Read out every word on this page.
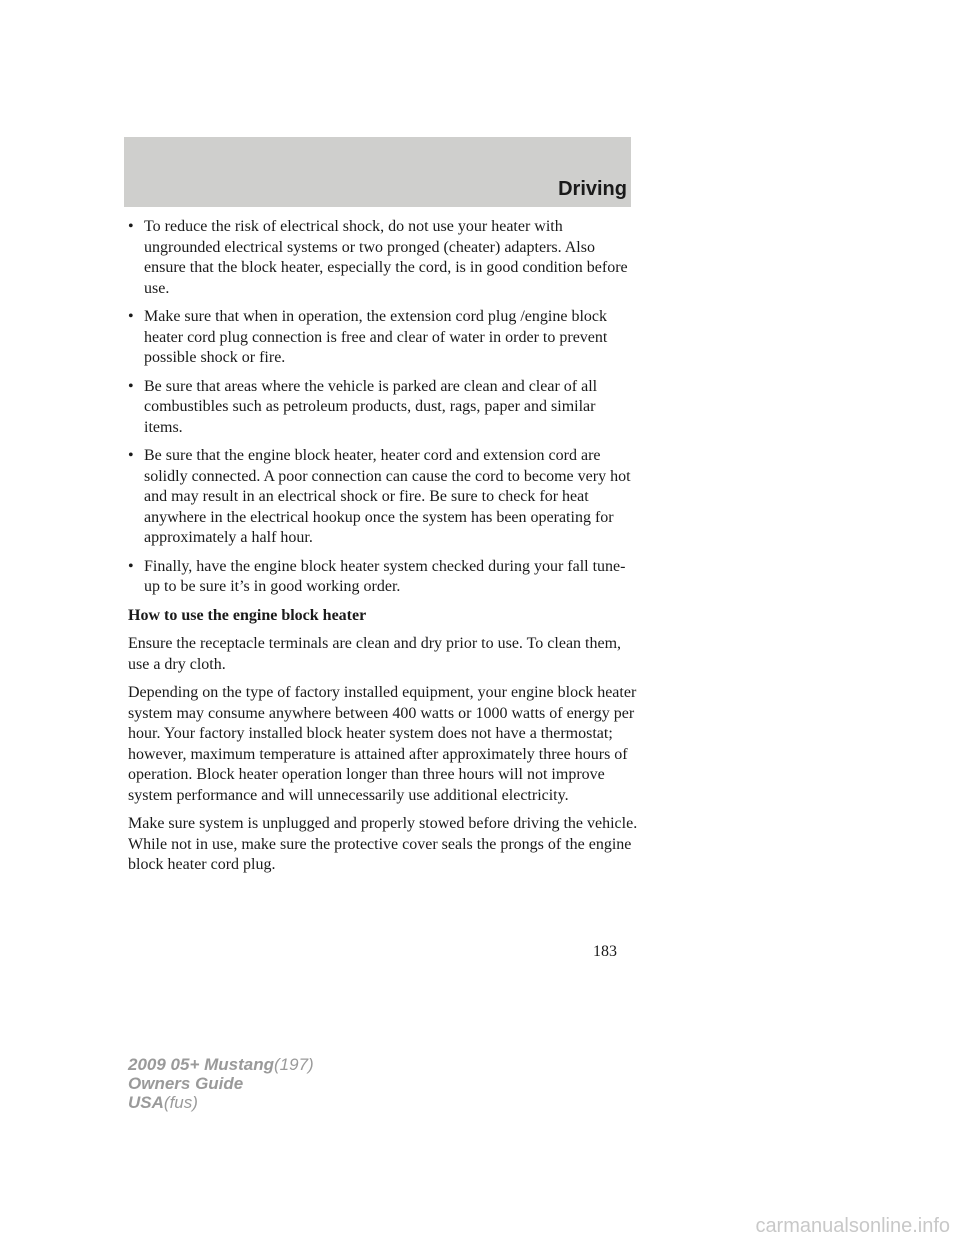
Driving
• To reduce the risk of electrical shock, do not use your heater with ungrounded electrical systems or two pronged (cheater) adapters. Also ensure that the block heater, especially the cord, is in good condition before use.
• Make sure that when in operation, the extension cord plug /engine block heater cord plug connection is free and clear of water in order to prevent possible shock or fire.
• Be sure that areas where the vehicle is parked are clean and clear of all combustibles such as petroleum products, dust, rags, paper and similar items.
• Be sure that the engine block heater, heater cord and extension cord are solidly connected. A poor connection can cause the cord to become very hot and may result in an electrical shock or fire. Be sure to check for heat anywhere in the electrical hookup once the system has been operating for approximately a half hour.
• Finally, have the engine block heater system checked during your fall tune-up to be sure it’s in good working order.

How to use the engine block heater

Ensure the receptacle terminals are clean and dry prior to use. To clean them, use a dry cloth.

Depending on the type of factory installed equipment, your engine block heater system may consume anywhere between 400 watts or 1000 watts of energy per hour. Your factory installed block heater system does not have a thermostat; however, maximum temperature is attained after approximately three hours of operation. Block heater operation longer than three hours will not improve system performance and will unnecessarily use additional electricity.

Make sure system is unplugged and properly stowed before driving the vehicle. While not in use, make sure the protective cover seals the prongs of the engine block heater cord plug.

183
2009 05+ Mustang(197)
Owners Guide
USA(fus)
carmanualsonline.info
